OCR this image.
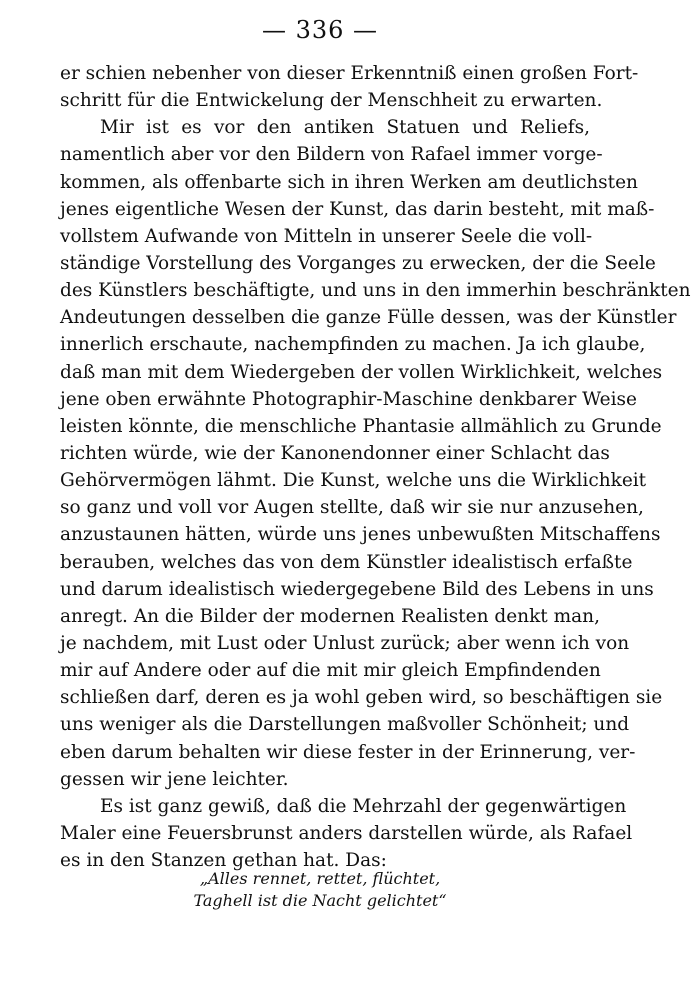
— 336 —
er schien nebenher von dieser Erkenntniß einen großen Fort-
schritt für die Entwickelung der Menschheit zu erwarten.
Mir ist es vor den antiken Statuen und Reliefs,
namentlich aber vor den Bildern von Rafael immer vorge-
kommen, als offenbarte sich in ihren Werken am deutlichsten
jenes eigentliche Wesen der Kunst, das darin besteht, mit maß-
vollstem Aufwande von Mitteln in unserer Seele die voll-
ständige Vorstellung des Vorganges zu erwecken, der die Seele
des Künstlers beschäftigte, und uns in den immerhin beschränkten
Andeutungen desselben die ganze Fülle dessen, was der Künstler
innerlich erschaute, nachempfinden zu machen. Ja ich glaube,
daß man mit dem Wiedergeben der vollen Wirklichkeit, welches
jene oben erwähnte Photographir-Maschine denkbarer Weise
leisten könnte, die menschliche Phantasie allmählich zu Grunde
richten würde, wie der Kanonendonner einer Schlacht das
Gehörvermögen lähmt. Die Kunst, welche uns die Wirklichkeit
so ganz und voll vor Augen stellte, daß wir sie nur anzusehen,
anzustaunen hätten, würde uns jenes unbewußten Mitschaffens
berauben, welches das von dem Künstler idealistisch erfaßte
und darum idealistisch wiedergegebene Bild des Lebens in uns
anregt. An die Bilder der modernen Realisten denkt man,
je nachdem, mit Lust oder Unlust zurück; aber wenn ich von
mir auf Andere oder auf die mit mir gleich Empfindenden
schließen darf, deren es ja wohl geben wird, so beschäftigen sie
uns weniger als die Darstellungen maßvoller Schönheit; und
eben darum behalten wir diese fester in der Erinnerung, ver-
gessen wir jene leichter.
Es ist ganz gewiß, daß die Mehrzahl der gegenwärtigen
Maler eine Feuersbrunst anders darstellen würde, als Rafael
es in den Stanzen gethan hat. Das:
„Alles rennet, rettet, flüchtet,
Taghell ist die Nacht gelichtet“
